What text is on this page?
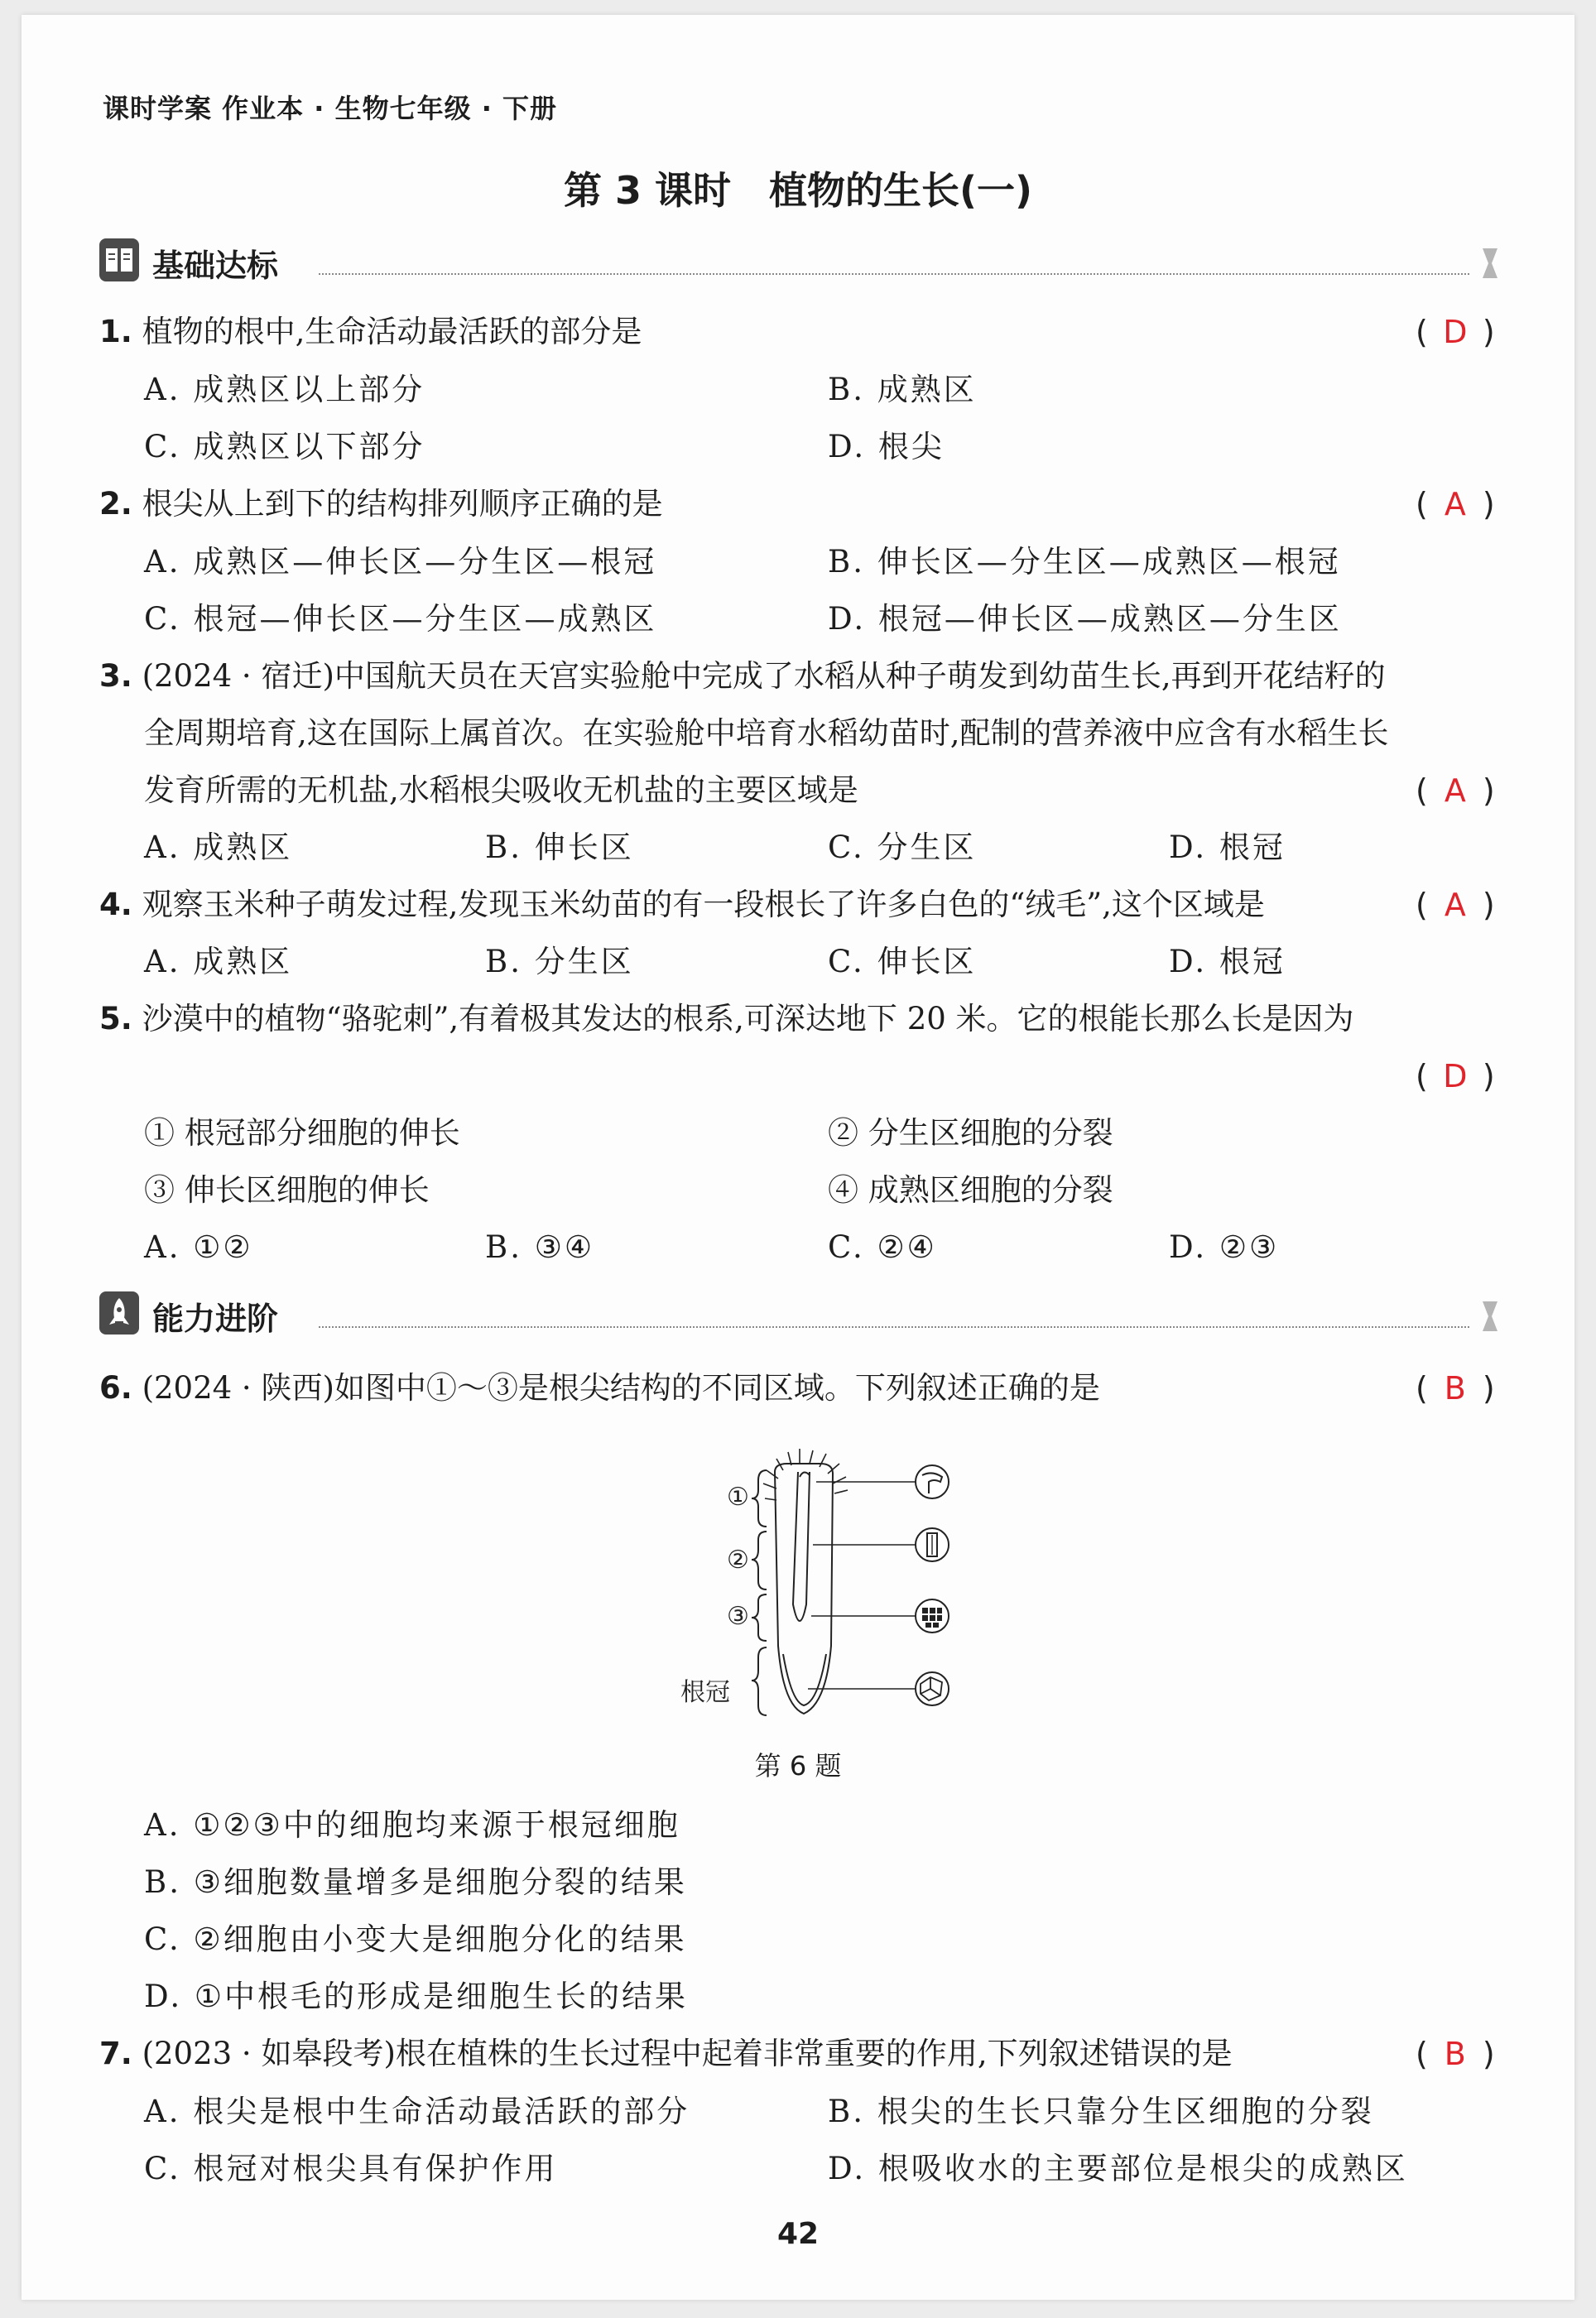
课时学案 作业本 · 生物七年级 · 下册
第 3 课时　植物的生长(一)
基础达标
1. 植物的根中,生命活动最活跃的部分是	( D )
A. 成熟区以上部分	B. 成熟区
C. 成熟区以下部分	D. 根尖
2. 根尖从上到下的结构排列顺序正确的是	( A )
A. 成熟区—伸长区—分生区—根冠	B. 伸长区—分生区—成熟区—根冠
C. 根冠—伸长区—分生区—成熟区	D. 根冠—伸长区—成熟区—分生区
3. (2024 · 宿迁)中国航天员在天宫实验舱中完成了水稻从种子萌发到幼苗生长,再到开花结籽的
全周期培育,这在国际上属首次。在实验舱中培育水稻幼苗时,配制的营养液中应含有水稻生长
发育所需的无机盐,水稻根尖吸收无机盐的主要区域是	( A )
A. 成熟区	B. 伸长区	C. 分生区	D. 根冠
4. 观察玉米种子萌发过程,发现玉米幼苗的有一段根长了许多白色的“绒毛”,这个区域是	( A )
A. 成熟区	B. 分生区	C. 伸长区	D. 根冠
5. 沙漠中的植物“骆驼刺”,有着极其发达的根系,可深达地下 20 米。它的根能长那么长是因为
( D )
① 根冠部分细胞的伸长	② 分生区细胞的分裂
③ 伸长区细胞的伸长	④ 成熟区细胞的分裂
A. ①②	B. ③④	C. ②④	D. ②③
能力进阶
6. (2024 · 陕西)如图中①～③是根尖结构的不同区域。下列叙述正确的是	( B )
①
②
③
根冠
第 6 题
A. ①②③中的细胞均来源于根冠细胞
B. ③细胞数量增多是细胞分裂的结果
C. ②细胞由小变大是细胞分化的结果
D. ①中根毛的形成是细胞生长的结果
7. (2023 · 如皋段考)根在植株的生长过程中起着非常重要的作用,下列叙述错误的是	( B )
A. 根尖是根中生命活动最活跃的部分	B. 根尖的生长只靠分生区细胞的分裂
C. 根冠对根尖具有保护作用	D. 根吸收水的主要部位是根尖的成熟区
42
